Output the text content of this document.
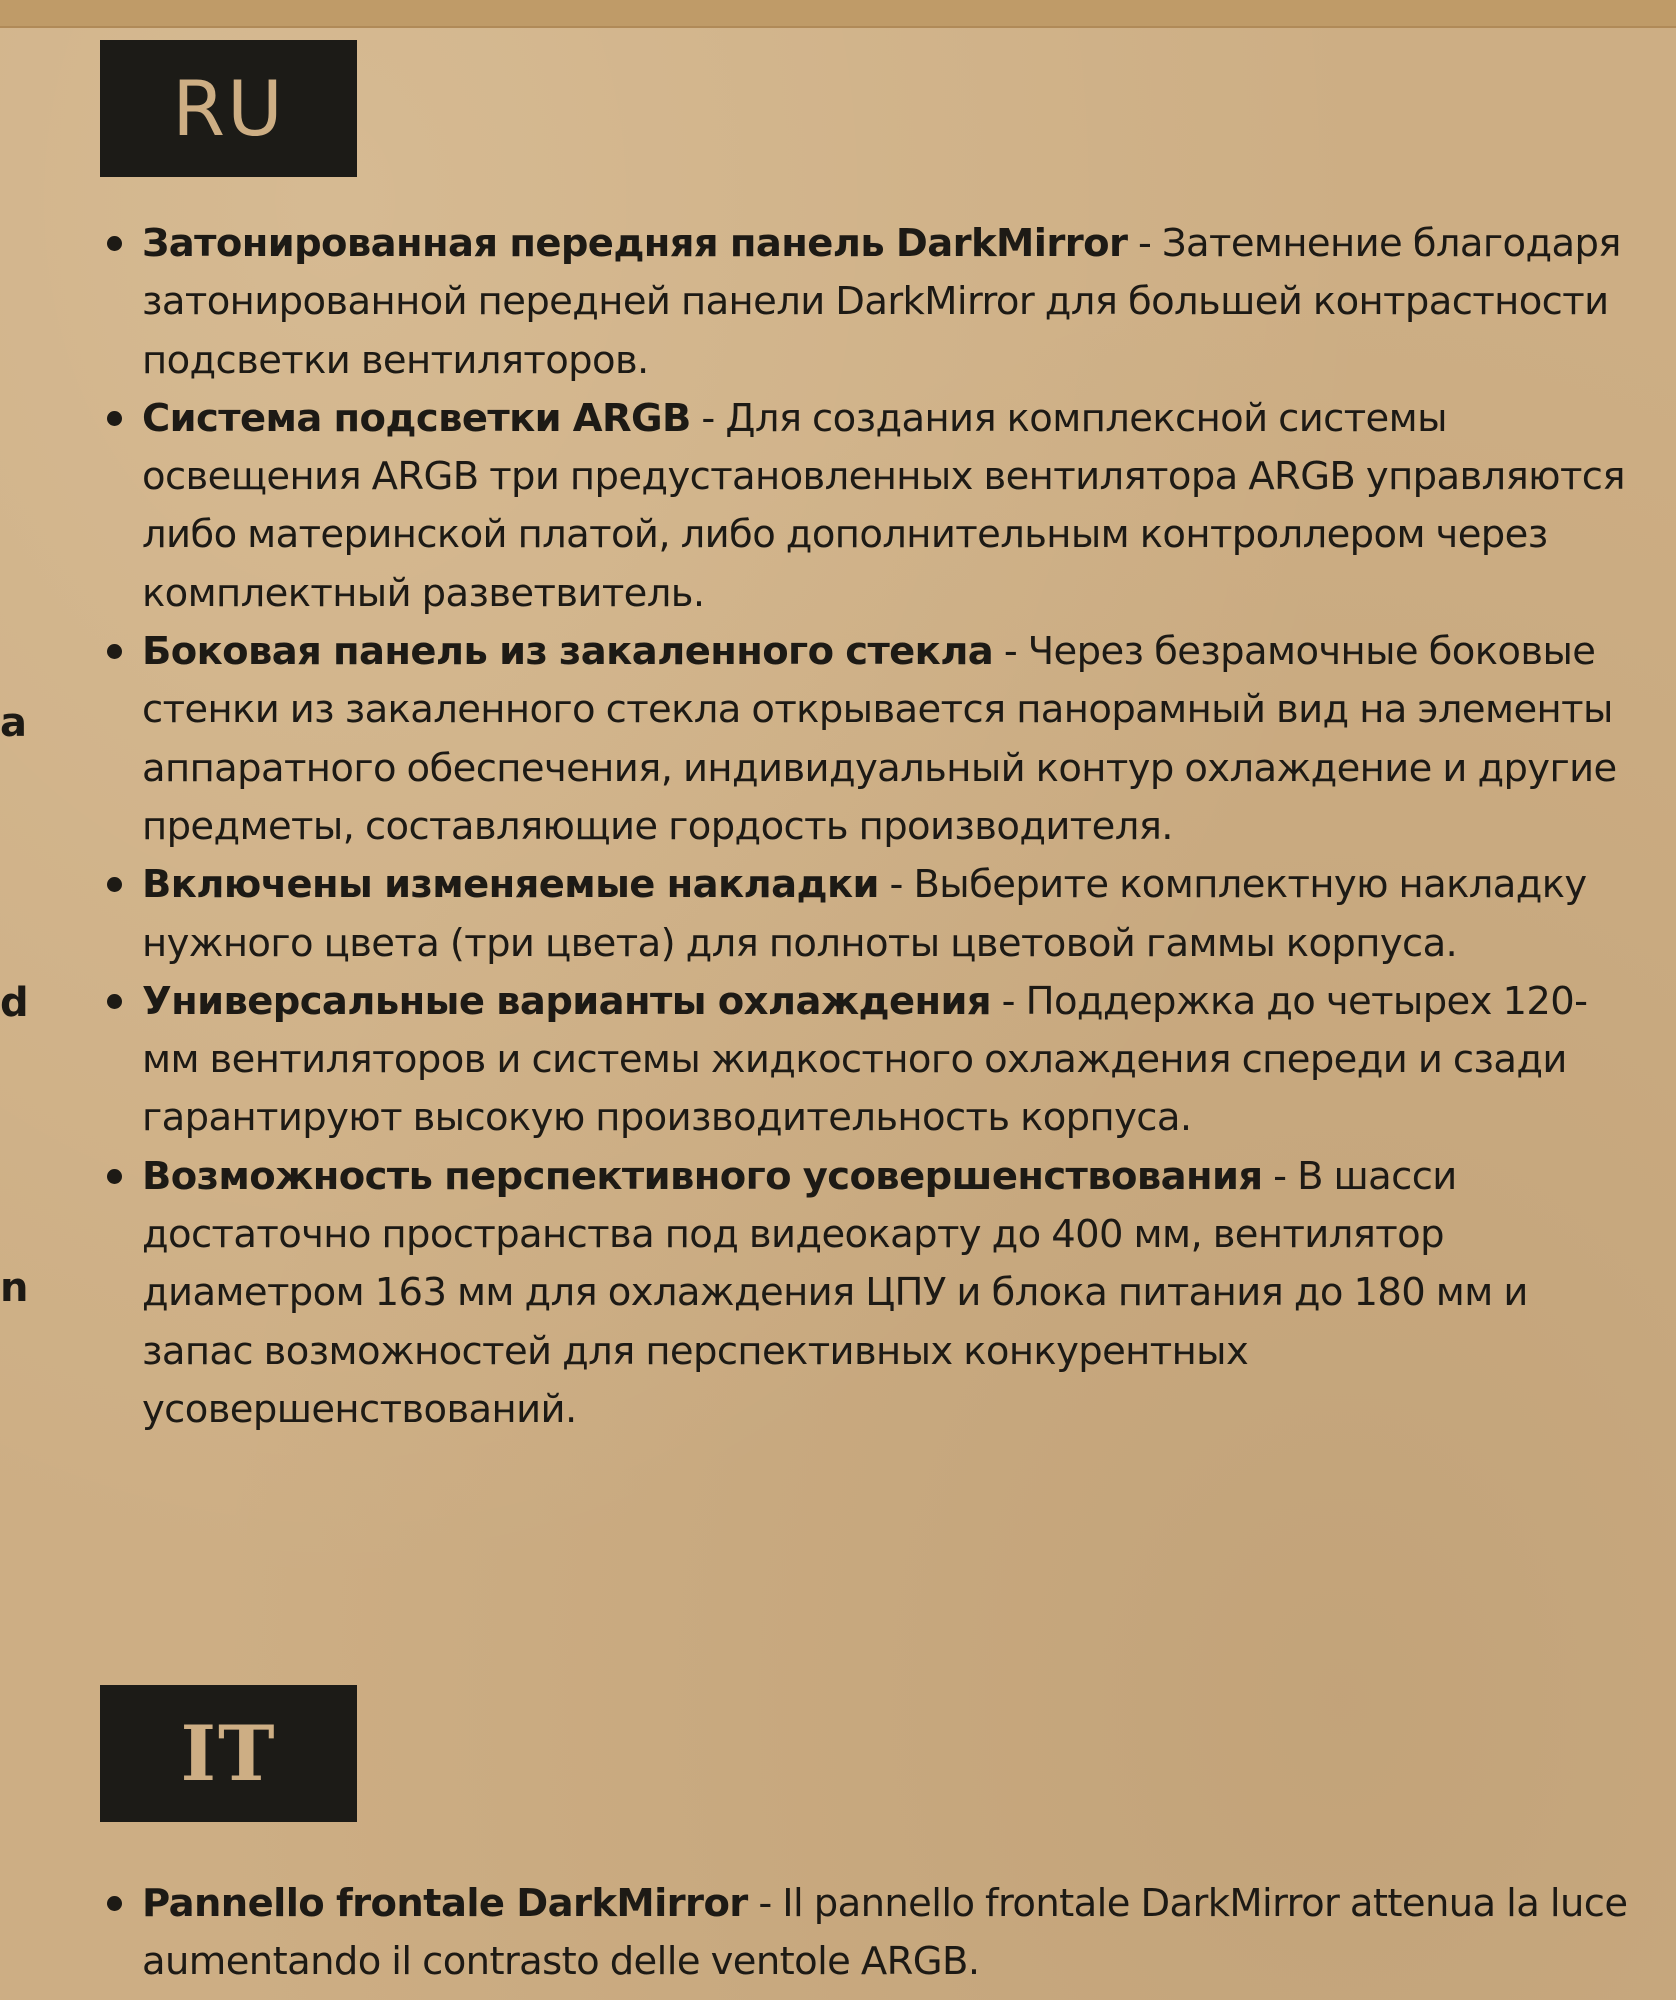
a
d
n
RU
Затонированная передняя панель DarkMirror - Затемнение благодаря затонированной передней панели DarkMirror для большей контрастности подсветки вентиляторов.
Система подсветки ARGB - Для создания комплексной системы освещения ARGB три предустановленных вентилятора ARGB управляются либо материнской платой, либо дополнительным контроллером через комплектный разветвитель.
Боковая панель из закаленного стекла - Через безрамочные боковые стенки из закаленного стекла открывается панорамный вид на элементы аппаратного обеспечения, индивидуальный контур охлаждение и другие предметы, составляющие гордость производителя.
Включены изменяемые накладки - Выберите комплектную накладку нужного цвета (три цвета) для полноты цветовой гаммы корпуса.
Универсальные варианты охлаждения - Поддержка до четырех 120-мм вентиляторов и системы жидкостного охлаждения спереди и сзади гарантируют высокую производительность корпуса.
Возможность перспективного усовершенствования - В шасси достаточно пространства под видеокарту до 400 мм, вентилятор диаметром 163 мм для охлаждения ЦПУ и блока питания до 180 мм и запас возможностей для перспективных конкурентных усовершенствований.
IT
Pannello frontale DarkMirror - Il pannello frontale DarkMirror attenua la luce aumentando il contrasto delle ventole ARGB.
